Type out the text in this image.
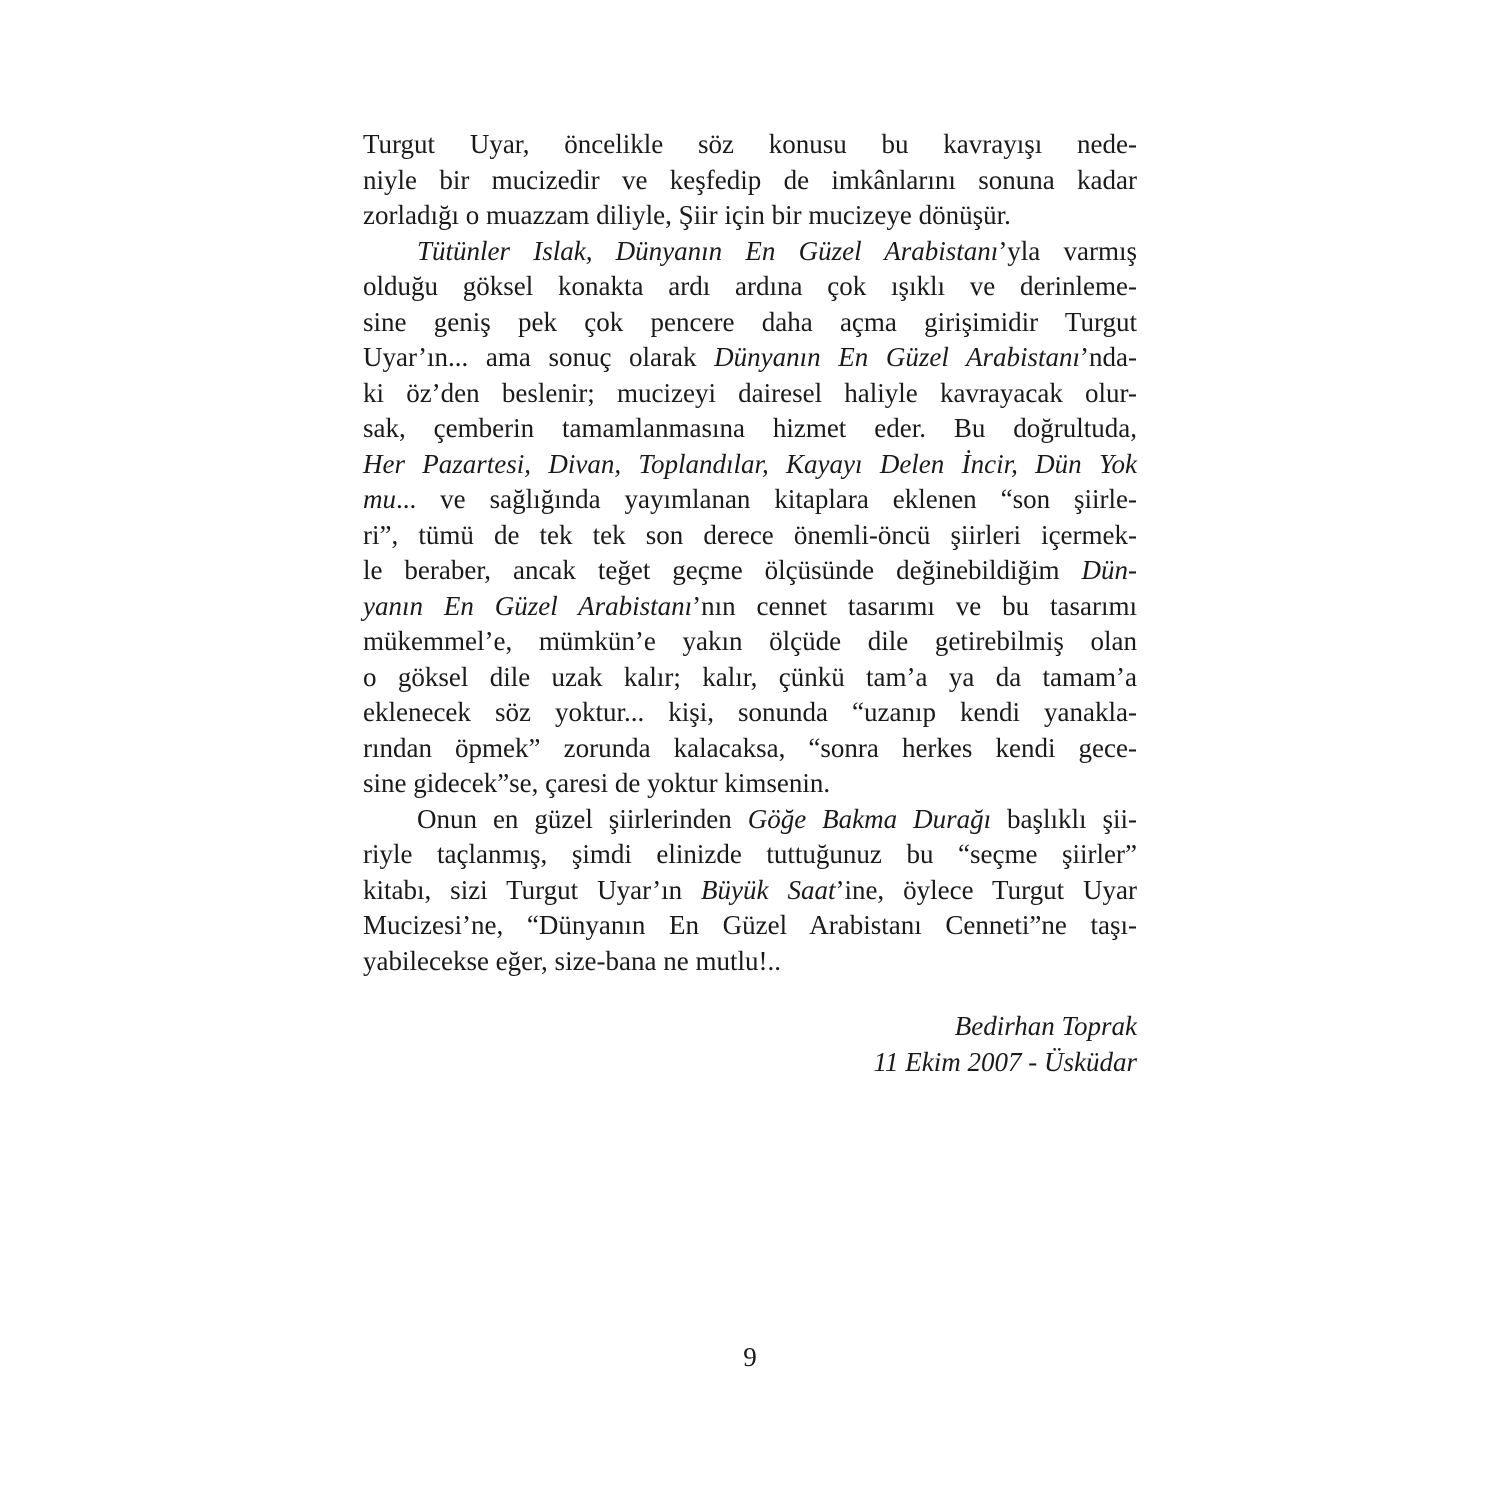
Turgut Uyar, öncelikle söz konusu bu kavrayışı nede-
niyle bir mucizedir ve keşfedip de imkânlarını sonuna kadar
zorladığı o muazzam diliyle, Şiir için bir mucizeye dönüşür.
Tütünler Islak, Dünyanın En Güzel Arabistanı’yla varmış
olduğu göksel konakta ardı ardına çok ışıklı ve derinleme-
sine geniş pek çok pencere daha açma girişimidir Turgut
Uyar’ın... ama sonuç olarak Dünyanın En Güzel Arabistanı’nda-
ki öz’den beslenir; mucizeyi dairesel haliyle kavrayacak olur-
sak, çemberin tamamlanmasına hizmet eder. Bu doğrultuda,
Her Pazartesi, Divan, Toplandılar, Kayayı Delen İncir, Dün Yok
mu... ve sağlığında yayımlanan kitaplara eklenen “son şiirle-
ri”, tümü de tek tek son derece önemli-öncü şiirleri içermek-
le beraber, ancak teğet geçme ölçüsünde değinebildiğim Dün-
yanın En Güzel Arabistanı’nın cennet tasarımı ve bu tasarımı
mükemmel’e, mümkün’e yakın ölçüde dile getirebilmiş olan
o göksel dile uzak kalır; kalır, çünkü tam’a ya da tamam’a
eklenecek söz yoktur... kişi, sonunda “uzanıp kendi yanakla-
rından öpmek” zorunda kalacaksa, “sonra herkes kendi gece-
sine gidecek”se, çaresi de yoktur kimsenin.
Onun en güzel şiirlerinden Göğe Bakma Durağı başlıklı şii-
riyle taçlanmış, şimdi elinizde tuttuğunuz bu “seçme şiirler”
kitabı, sizi Turgut Uyar’ın Büyük Saat’ine, öylece Turgut Uyar
Mucizesi’ne, “Dünyanın En Güzel Arabistanı Cenneti”ne taşı-
yabilecekse eğer, size-bana ne mutlu!..
Bedirhan Toprak
11 Ekim 2007 - Üsküdar
9
